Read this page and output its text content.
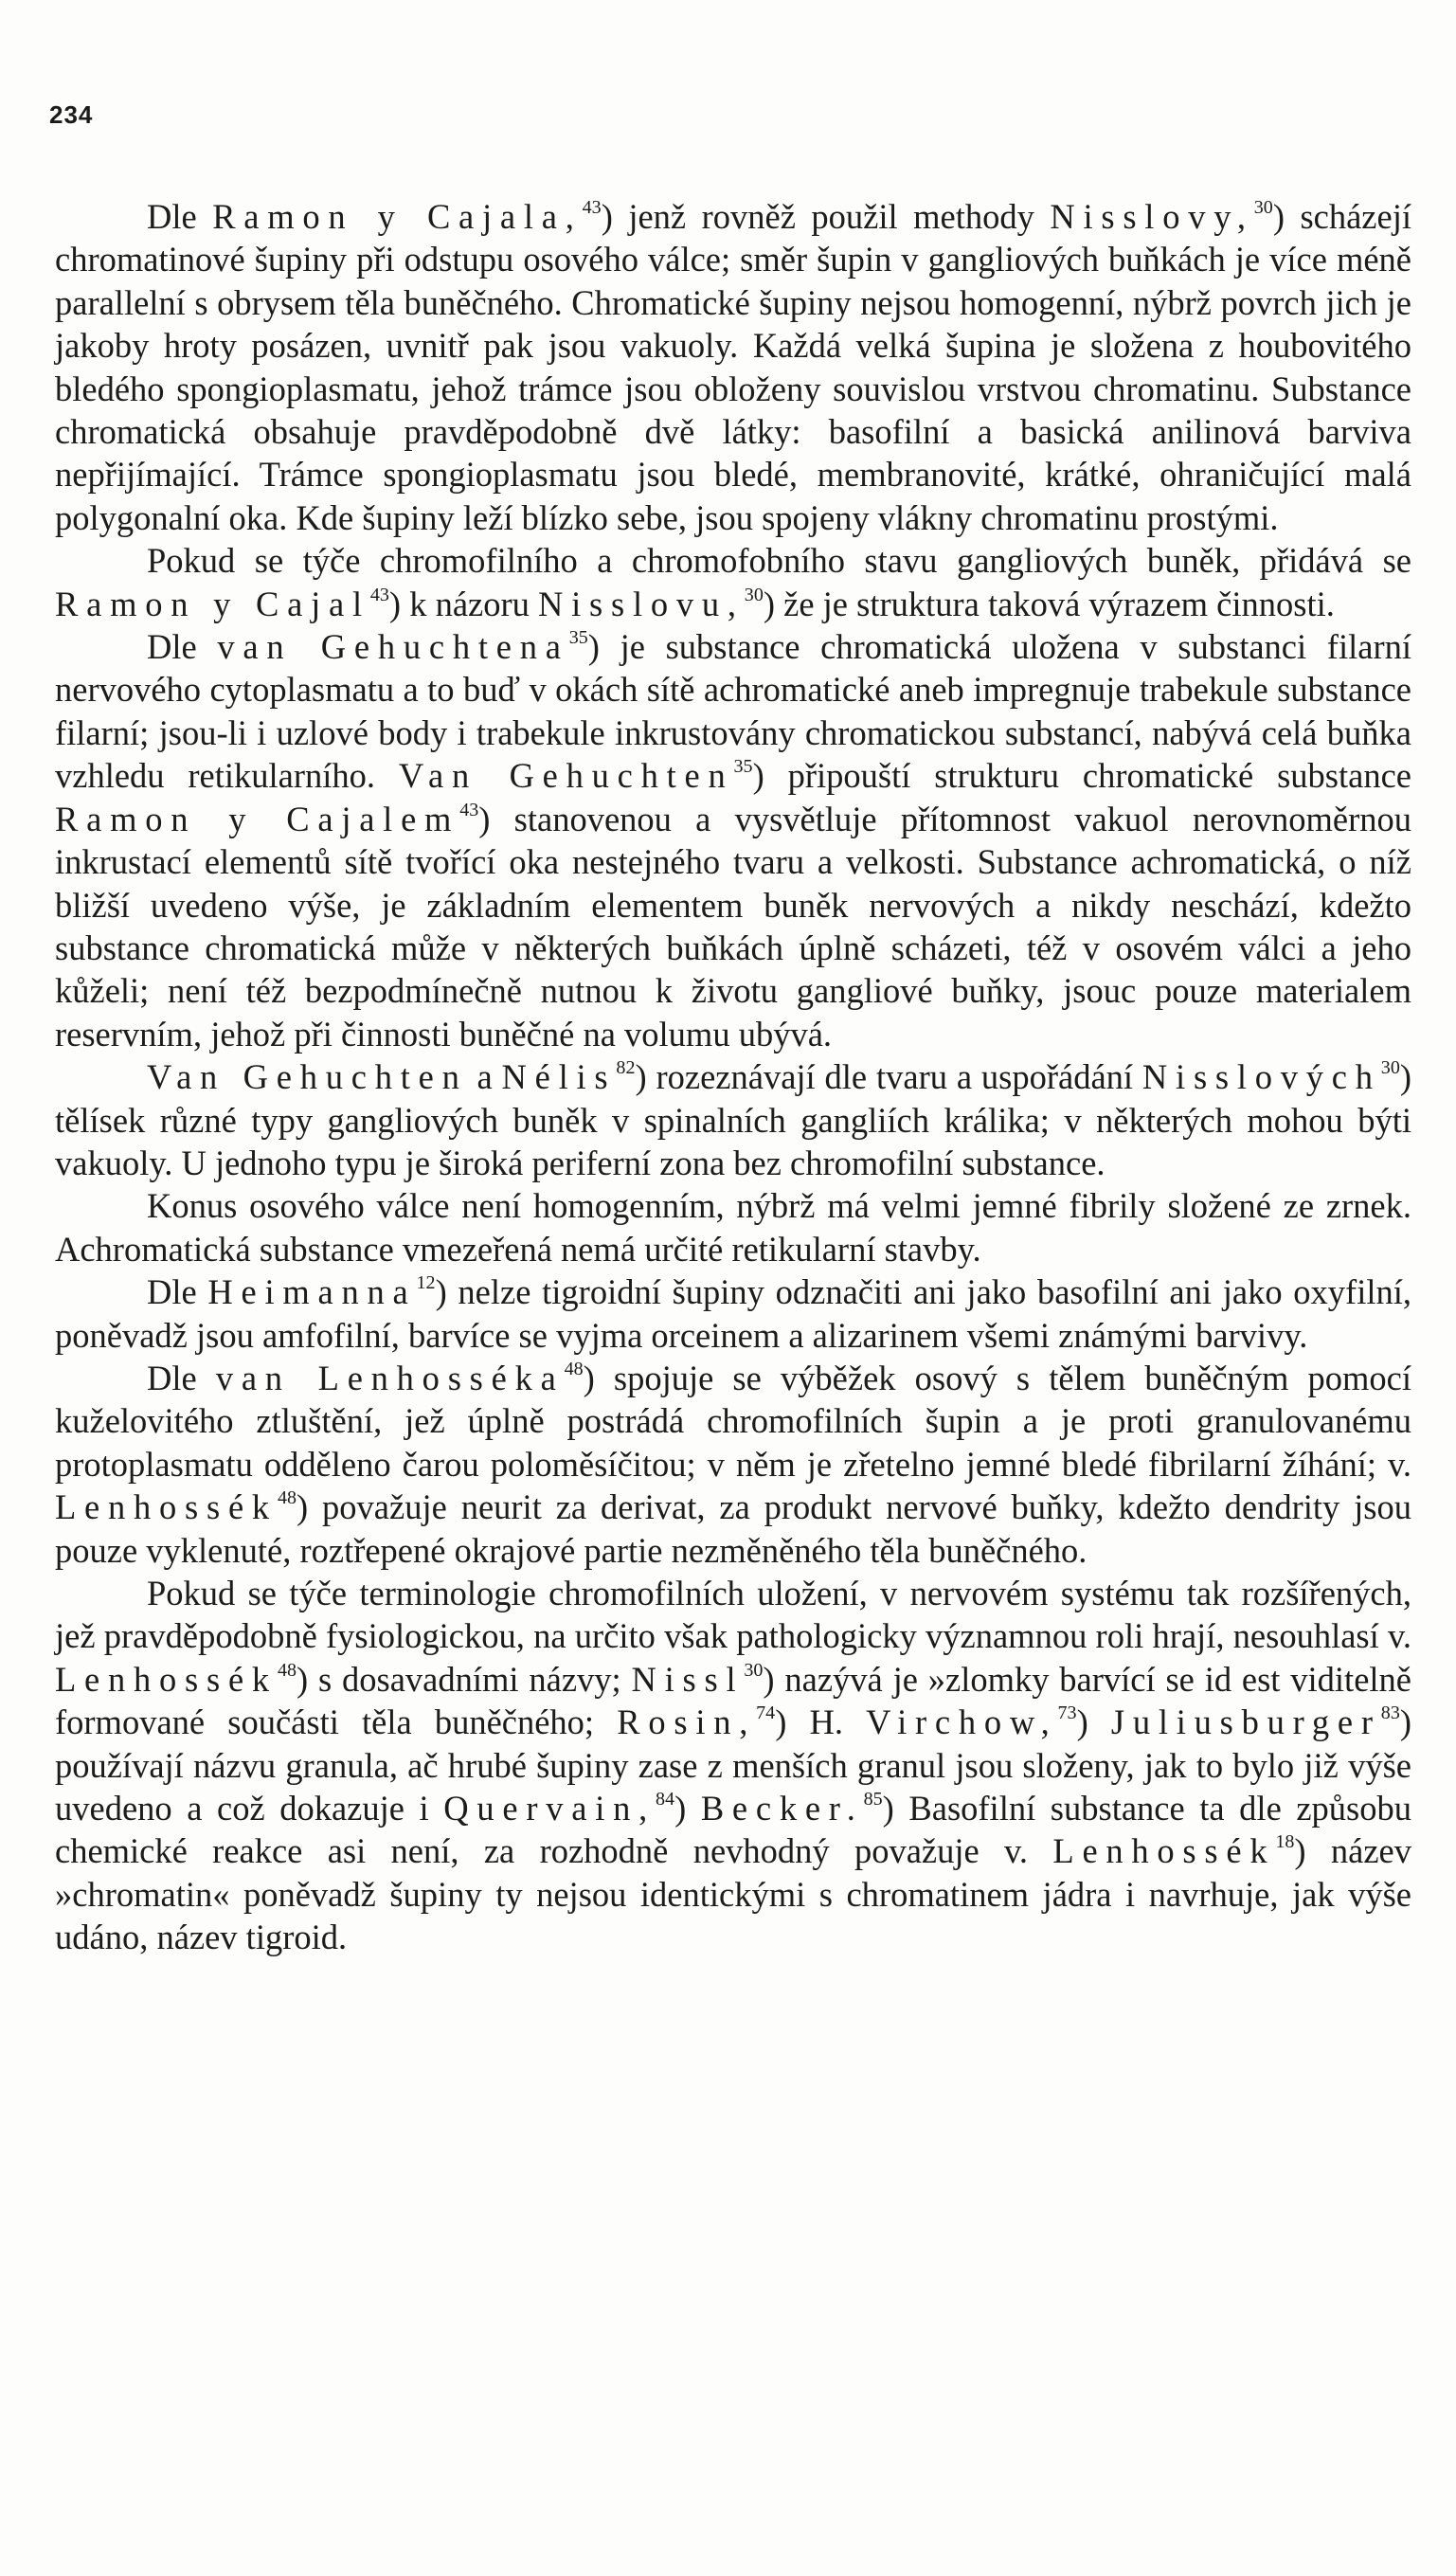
234

Dle Ramon y Cajala,$^{43}$) jenž rovněž použil methody Nisslovy,$^{30}$) scházejí chromatinové šupiny při odstupu osového válce; směr šupin v gangliových buňkách je více méně parallelní s obrysem těla buněčného. Chromatické šupiny nejsou homogenní, nýbrž povrch jich je jakoby hroty posázen, uvnitř pak jsou vakuoly. Každá velká šupina je složena z houbovitého bledého spongioplasmatu, jehož trámce jsou obloženy souvislou vrstvou chromatinu. Substance chromatická obsahuje pravděpodobně dvě látky: basofilní a basická anilinová barviva nepřijímající. Trámce spongioplasmatu jsou bledé, membranovité, krátké, ohraničující malá polygonalní oka. Kde šupiny leží blízko sebe, jsou spojeny vlákny chromatinu prostými.

Pokud se týče chromofilního a chromofobního stavu gangliových buněk, přidává se Ramon y Cajal$^{43}$) k názoru Nisslovu,$^{30}$) že je struktura taková výrazem činnosti.

Dle van Gehuchtena$^{35}$) je substance chromatická uložena v substanci filarní nervového cytoplasmatu a to buď v okách sítě achromatické aneb impregnuje trabekule substance filarní; jsou-li i uzlové body i trabekule inkrustovány chromatickou substancí, nabývá celá buňka vzhledu retikularního. Van Gehuchten$^{35}$) připouští strukturu chromatické substance Ramon y Cajalem$^{43}$) stanovenou a vysvětluje přítomnost vakuol nerovnoměrnou inkrustací elementů sítě tvořící oka nestejného tvaru a velkosti. Substance achromatická, o níž bližší uvedeno výše, je základním elementem buněk nervových a nikdy neschází, kdežto substance chromatická může v některých buňkách úplně scházeti, též v osovém válci a jeho kůželi; není též bezpodmínečně nutnou k životu gangliové buňky, jsouc pouze materialem reservním, jehož při činnosti buněčné na volumu ubývá.

Van Gehuchten a Nélis$^{82}$) rozeznávají dle tvaru a uspořádání Nisslových$^{30}$) tělísek různé typy gangliových buněk v spinalních gangliích králika; v některých mohou býti vakuoly. U jednoho typu je široká periferní zona bez chromofilní substance.

Konus osového válce není homogenním, nýbrž má velmi jemné fibrily složené ze zrnek. Achromatická substance vmezeřená nemá určité retikularní stavby.

Dle Heimanna$^{12}$) nelze tigroidní šupiny odznačiti ani jako basofilní ani jako oxyfilní, poněvadž jsou amfofilní, barvíce se vyjma orceinem a alizarinem všemi známými barvivy.

Dle van Lenhosséka$^{48}$) spojuje se výběžek osový s tělem buněčným pomocí kuželovitého ztluštění, jež úplně postrádá chromofilních šupin a je proti granulovanému protoplasmatu odděleno čarou poloměsíčitou; v něm je zřetelno jemné bledé fibrilarní žíhání; v. Lenhossék$^{48}$) považuje neurit za derivat, za produkt nervové buňky, kdežto dendrity jsou pouze vyklenuté, roztřepené okrajové partie nezměněného těla buněčného.

Pokud se týče terminologie chromofilních uložení, v nervovém systému tak rozšířených, jež pravděpodobně fysiologickou, na určito však pathologicky významnou roli hrají, nesouhlasí v. Lenhossék$^{48}$) s dosavadními názvy; Nissl$^{30}$) nazývá je »zlomky barvící se id est viditelně formované součásti těla buněčného; Rosin,$^{74}$) H. Virchow,$^{73}$) Juliusburger$^{83}$) používají názvu granula, ač hrubé šupiny zase z menších granul jsou složeny, jak to bylo již výše uvedeno a což dokazuje i Quervain,$^{84}$) Becker.$^{85}$) Basofilní substance ta dle způsobu chemické reakce asi není, za rozhodně nevhodný považuje v. Lenhossék$^{18}$) název »chromatin« poněvadž šupiny ty nejsou identickými s chromatinem jádra i navrhuje, jak výše udáno, název tigroid.
